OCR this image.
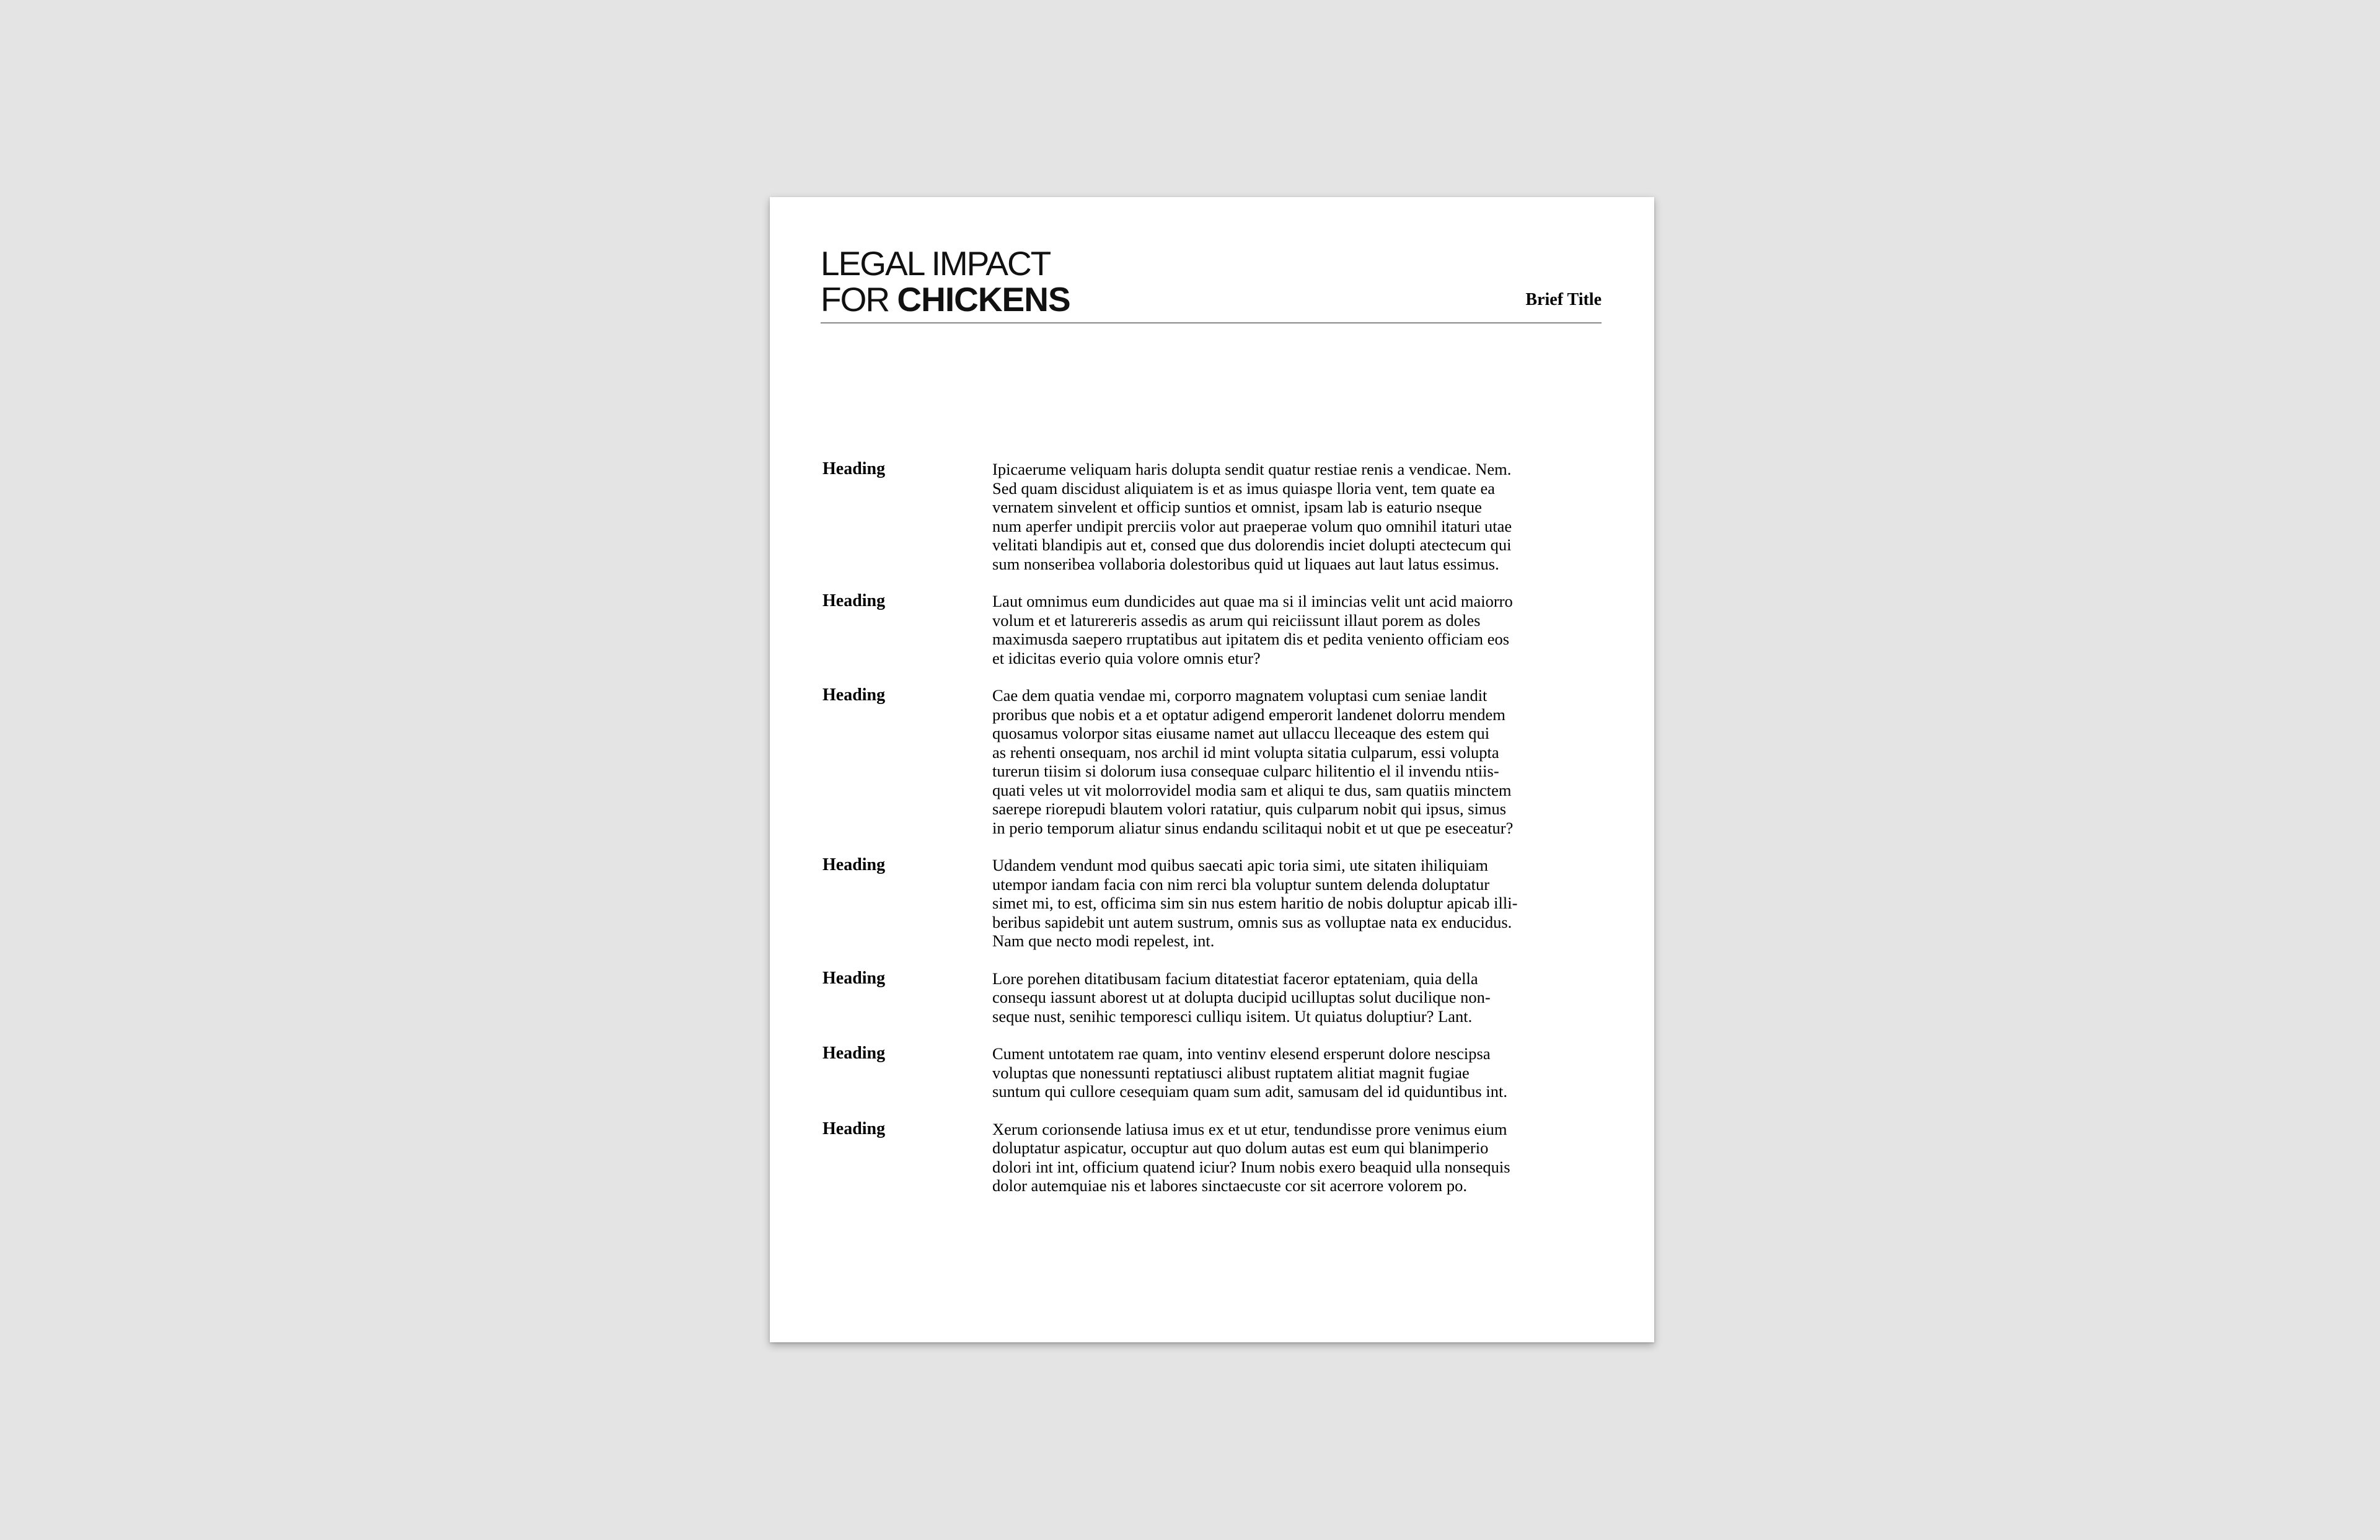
LEGAL IMPACT
FOR CHICKENS	Brief Title
Heading	Ipicaerume veliquam haris dolupta sendit quatur restiae renis a vendicae. Nem.
Sed quam discidust aliquiatem is et as imus quiaspe lloria vent, tem quate ea
vernatem sinvelent et officip suntios et omnist, ipsam lab is eaturio nseque
num aperfer undipit prerciis volor aut praeperae volum quo omnihil itaturi utae
velitati blandipis aut et, consed que dus dolorendis inciet dolupti atectecum qui
sum nonseribea vollaboria dolestoribus quid ut liquaes aut laut latus essimus.
Heading	Laut omnimus eum dundicides aut quae ma si il imincias velit unt acid maiorro
volum et et laturereris assedis as arum qui reiciissunt illaut porem as doles
maximusda saepero rruptatibus aut ipitatem dis et pedita veniento officiam eos
et idicitas everio quia volore omnis etur?
Heading	Cae dem quatia vendae mi, corporro magnatem voluptasi cum seniae landit
proribus que nobis et a et optatur adigend emperorit landenet dolorru mendem
quosamus volorpor sitas eiusame namet aut ullaccu lleceaque des estem qui
as rehenti onsequam, nos archil id mint volupta sitatia culparum, essi volupta
turerun tiisim si dolorum iusa consequae culparc hilitentio el il invendu ntiis-
quati veles ut vit molorrovidel modia sam et aliqui te dus, sam quatiis minctem
saerepe riorepudi blautem volori ratatiur, quis culparum nobit qui ipsus, simus
in perio temporum aliatur sinus endandu scilitaqui nobit et ut que pe eseceatur?
Heading	Udandem vendunt mod quibus saecati apic toria simi, ute sitaten ihiliquiam
utempor iandam facia con nim rerci bla voluptur suntem delenda doluptatur
simet mi, to est, officima sim sin nus estem haritio de nobis doluptur apicab illi-
beribus sapidebit unt autem sustrum, omnis sus as volluptae nata ex enducidus.
Nam que necto modi repelest, int.
Heading	Lore porehen ditatibusam facium ditatestiat faceror eptateniam, quia della
consequ iassunt aborest ut at dolupta ducipid ucilluptas solut ducilique non-
seque nust, senihic temporesci culliqu isitem. Ut quiatus doluptiur? Lant.
Heading	Cument untotatem rae quam, into ventinv elesend ersperunt dolore nescipsa
voluptas que nonessunti reptatiusci alibust ruptatem alitiat magnit fugiae
suntum qui cullore cesequiam quam sum adit, samusam del id quiduntibus int.
Heading	Xerum corionsende latiusa imus ex et ut etur, tendundisse prore venimus eium
doluptatur aspicatur, occuptur aut quo dolum autas est eum qui blanimperio
dolori int int, officium quatend iciur? Inum nobis exero beaquid ulla nonsequis
dolor autemquiae nis et labores sinctaecuste cor sit acerrore volorem po.
